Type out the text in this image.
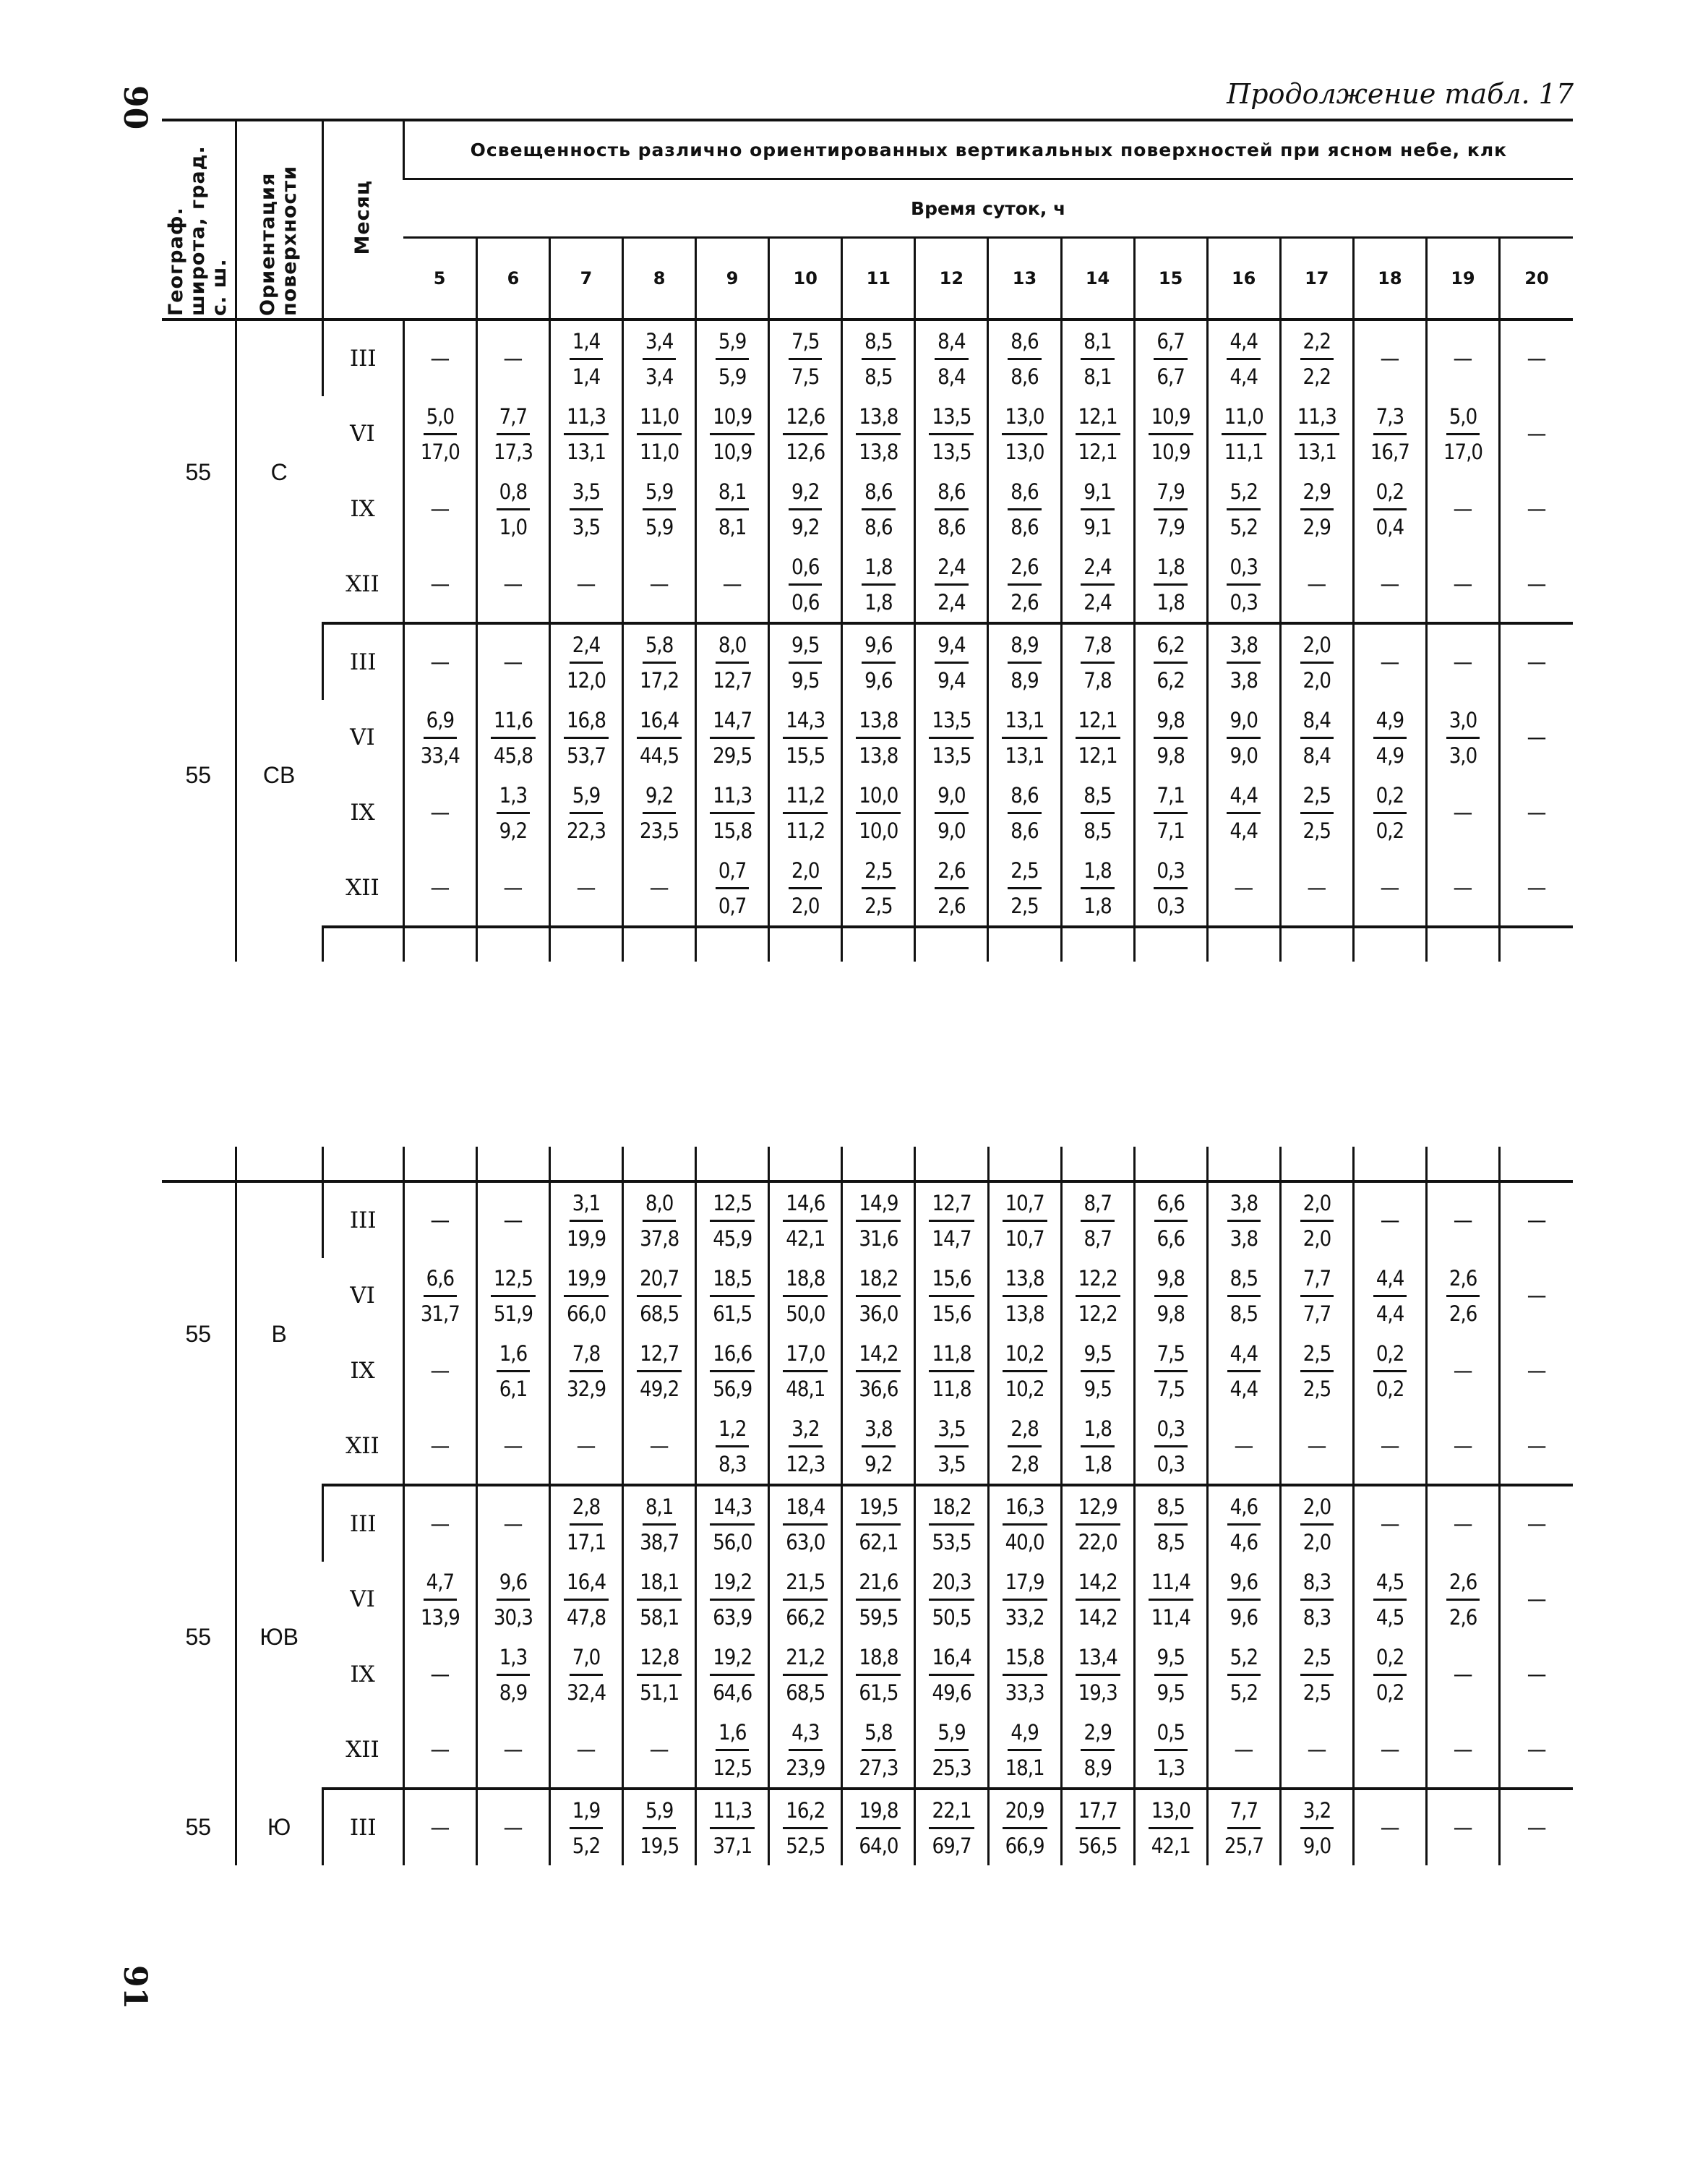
90
91
Продолжение табл. 17
Географ. широта, град. с. ш.	Ориентация поверхности	Месяц	Освещенность различно ориентированных вертикальных поверхностей при ясном небе, клк															
			Время суток, ч															
			5	6	7	8	9	10	11	12	13	14	15	16	17	18	19	20
55	С	III	—	—	$\frac{1,4}{1,4}$	$\frac{3,4}{3,4}$	$\frac{5,9}{5,9}$	$\frac{7,5}{7,5}$	$\frac{8,5}{8,5}$	$\frac{8,4}{8,4}$	$\frac{8,6}{8,6}$	$\frac{8,1}{8,1}$	$\frac{6,7}{6,7}$	$\frac{4,4}{4,4}$	$\frac{2,2}{2,2}$	—	—	—
		VI	$\frac{5,0}{17,0}$	$\frac{7,7}{17,3}$	$\frac{11,3}{13,1}$	$\frac{11,0}{11,0}$	$\frac{10,9}{10,9}$	$\frac{12,6}{12,6}$	$\frac{13,8}{13,8}$	$\frac{13,5}{13,5}$	$\frac{13,0}{13,0}$	$\frac{12,1}{12,1}$	$\frac{10,9}{10,9}$	$\frac{11,0}{11,1}$	$\frac{11,3}{13,1}$	$\frac{7,3}{16,7}$	$\frac{5,0}{17,0}$	—
		IX	—	$\frac{0,8}{1,0}$	$\frac{3,5}{3,5}$	$\frac{5,9}{5,9}$	$\frac{8,1}{8,1}$	$\frac{9,2}{9,2}$	$\frac{8,6}{8,6}$	$\frac{8,6}{8,6}$	$\frac{8,6}{8,6}$	$\frac{9,1}{9,1}$	$\frac{7,9}{7,9}$	$\frac{5,2}{5,2}$	$\frac{2,9}{2,9}$	$\frac{0,2}{0,4}$	—	—
		XII	—	—	—	—	—	$\frac{0,6}{0,6}$	$\frac{1,8}{1,8}$	$\frac{2,4}{2,4}$	$\frac{2,6}{2,6}$	$\frac{2,4}{2,4}$	$\frac{1,8}{1,8}$	$\frac{0,3}{0,3}$	—	—	—	—
55	СВ	III	—	—	$\frac{2,4}{12,0}$	$\frac{5,8}{17,2}$	$\frac{8,0}{12,7}$	$\frac{9,5}{9,5}$	$\frac{9,6}{9,6}$	$\frac{9,4}{9,4}$	$\frac{8,9}{8,9}$	$\frac{7,8}{7,8}$	$\frac{6,2}{6,2}$	$\frac{3,8}{3,8}$	$\frac{2,0}{2,0}$	—	—	—
		VI	$\frac{6,9}{33,4}$	$\frac{11,6}{45,8}$	$\frac{16,8}{53,7}$	$\frac{16,4}{44,5}$	$\frac{14,7}{29,5}$	$\frac{14,3}{15,5}$	$\frac{13,8}{13,8}$	$\frac{13,5}{13,5}$	$\frac{13,1}{13,1}$	$\frac{12,1}{12,1}$	$\frac{9,8}{9,8}$	$\frac{9,0}{9,0}$	$\frac{8,4}{8,4}$	$\frac{4,9}{4,9}$	$\frac{3,0}{3,0}$	—
		IX	—	$\frac{1,3}{9,2}$	$\frac{5,9}{22,3}$	$\frac{9,2}{23,5}$	$\frac{11,3}{15,8}$	$\frac{11,2}{11,2}$	$\frac{10,0}{10,0}$	$\frac{9,0}{9,0}$	$\frac{8,6}{8,6}$	$\frac{8,5}{8,5}$	$\frac{7,1}{7,1}$	$\frac{4,4}{4,4}$	$\frac{2,5}{2,5}$	$\frac{0,2}{0,2}$	—	—
		XII	—	—	—	—	$\frac{0,7}{0,7}$	$\frac{2,0}{2,0}$	$\frac{2,5}{2,5}$	$\frac{2,6}{2,6}$	$\frac{2,5}{2,5}$	$\frac{1,8}{1,8}$	$\frac{0,3}{0,3}$	—	—	—	—	—

55	В	III	—	—	$\frac{3,1}{19,9}$	$\frac{8,0}{37,8}$	$\frac{12,5}{45,9}$	$\frac{14,6}{42,1}$	$\frac{14,9}{31,6}$	$\frac{12,7}{14,7}$	$\frac{10,7}{10,7}$	$\frac{8,7}{8,7}$	$\frac{6,6}{6,6}$	$\frac{3,8}{3,8}$	$\frac{2,0}{2,0}$	—	—	—
		VI	$\frac{6,6}{31,7}$	$\frac{12,5}{51,9}$	$\frac{19,9}{66,0}$	$\frac{20,7}{68,5}$	$\frac{18,5}{61,5}$	$\frac{18,8}{50,0}$	$\frac{18,2}{36,0}$	$\frac{15,6}{15,6}$	$\frac{13,8}{13,8}$	$\frac{12,2}{12,2}$	$\frac{9,8}{9,8}$	$\frac{8,5}{8,5}$	$\frac{7,7}{7,7}$	$\frac{4,4}{4,4}$	$\frac{2,6}{2,6}$	—
		IX	—	$\frac{1,6}{6,1}$	$\frac{7,8}{32,9}$	$\frac{12,7}{49,2}$	$\frac{16,6}{56,9}$	$\frac{17,0}{48,1}$	$\frac{14,2}{36,6}$	$\frac{11,8}{11,8}$	$\frac{10,2}{10,2}$	$\frac{9,5}{9,5}$	$\frac{7,5}{7,5}$	$\frac{4,4}{4,4}$	$\frac{2,5}{2,5}$	$\frac{0,2}{0,2}$	—	—
		XII	—	—	—	—	$\frac{1,2}{8,3}$	$\frac{3,2}{12,3}$	$\frac{3,8}{9,2}$	$\frac{3,5}{3,5}$	$\frac{2,8}{2,8}$	$\frac{1,8}{1,8}$	$\frac{0,3}{0,3}$	—	—	—	—	—
55	ЮВ	III	—	—	$\frac{2,8}{17,1}$	$\frac{8,1}{38,7}$	$\frac{14,3}{56,0}$	$\frac{18,4}{63,0}$	$\frac{19,5}{62,1}$	$\frac{18,2}{53,5}$	$\frac{16,3}{40,0}$	$\frac{12,9}{22,0}$	$\frac{8,5}{8,5}$	$\frac{4,6}{4,6}$	$\frac{2,0}{2,0}$	—	—	—
		VI	$\frac{4,7}{13,9}$	$\frac{9,6}{30,3}$	$\frac{16,4}{47,8}$	$\frac{18,1}{58,1}$	$\frac{19,2}{63,9}$	$\frac{21,5}{66,2}$	$\frac{21,6}{59,5}$	$\frac{20,3}{50,5}$	$\frac{17,9}{33,2}$	$\frac{14,2}{14,2}$	$\frac{11,4}{11,4}$	$\frac{9,6}{9,6}$	$\frac{8,3}{8,3}$	$\frac{4,5}{4,5}$	$\frac{2,6}{2,6}$	—
		IX	—	$\frac{1,3}{8,9}$	$\frac{7,0}{32,4}$	$\frac{12,8}{51,1}$	$\frac{19,2}{64,6}$	$\frac{21,2}{68,5}$	$\frac{18,8}{61,5}$	$\frac{16,4}{49,6}$	$\frac{15,8}{33,3}$	$\frac{13,4}{19,3}$	$\frac{9,5}{9,5}$	$\frac{5,2}{5,2}$	$\frac{2,5}{2,5}$	$\frac{0,2}{0,2}$	—	—
		XII	—	—	—	—	$\frac{1,6}{12,5}$	$\frac{4,3}{23,9}$	$\frac{5,8}{27,3}$	$\frac{5,9}{25,3}$	$\frac{4,9}{18,1}$	$\frac{2,9}{8,9}$	$\frac{0,5}{1,3}$	—	—	—	—	—
55	Ю	III	—	—	$\frac{1,9}{5,2}$	$\frac{5,9}{19,5}$	$\frac{11,3}{37,1}$	$\frac{16,2}{52,5}$	$\frac{19,8}{64,0}$	$\frac{22,1}{69,7}$	$\frac{20,9}{66,9}$	$\frac{17,7}{56,5}$	$\frac{13,0}{42,1}$	$\frac{7,7}{25,7}$	$\frac{3,2}{9,0}$	—	—	—
